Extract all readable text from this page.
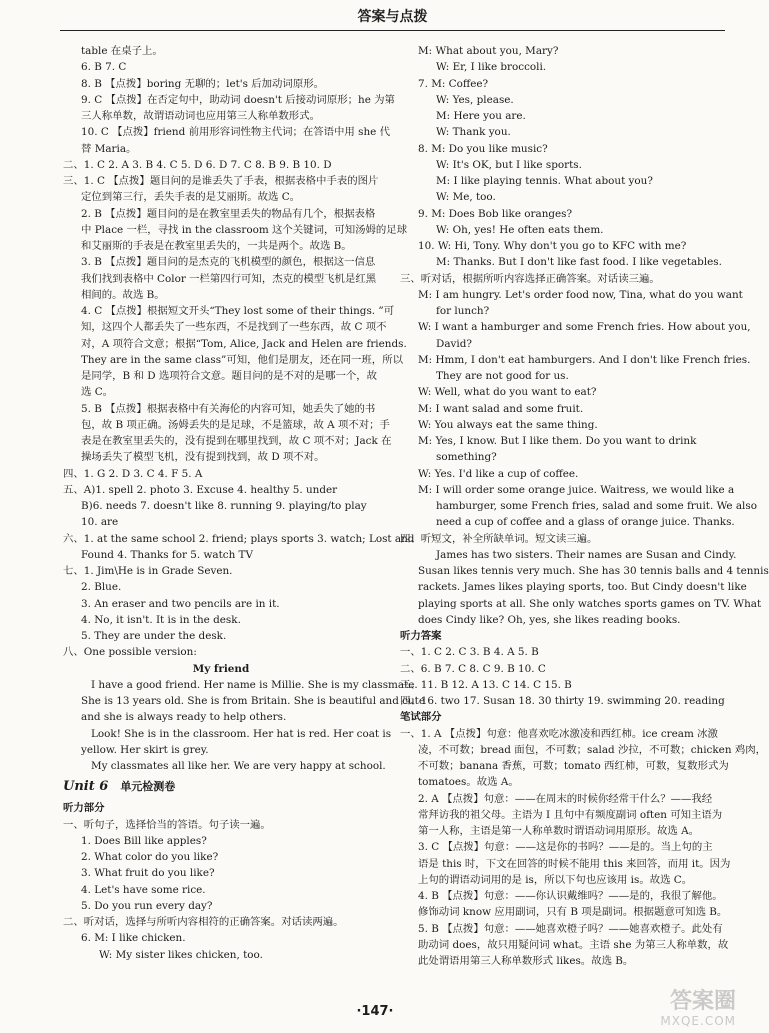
答案与点拨
table 在桌子上。
6. B 7. C
8. B 【点拨】boring 无聊的；let's 后加动词原形。
9. C 【点拨】在否定句中，助动词 doesn't 后接动词原形；he 为第
三人称单数，故谓语动词也应用第三人称单数形式。
10. C 【点拨】friend 前用形容词性物主代词；在答语中用 she 代
替 Maria。
二、1. C 2. A 3. B 4. C 5. D 6. D 7. C 8. B 9. B 10. D
三、1. C 【点拨】题目问的是谁丢失了手表，根据表格中手表的图片
定位到第三行，丢失手表的是艾丽斯。故选 C。
2. B 【点拨】题目问的是在教室里丢失的物品有几个，根据表格
中 Place 一栏，寻找 in the classroom 这个关键词，可知汤姆的足球
和艾丽斯的手表是在教室里丢失的，一共是两个。故选 B。
3. B 【点拨】题目问的是杰克的飞机模型的颜色，根据这一信息
我们找到表格中 Color 一栏第四行可知，杰克的模型飞机是红黑
相间的。故选 B。
4. C 【点拨】根据短文开头“They lost some of their things. ”可
知，这四个人都丢失了一些东西，不是找到了一些东西，故 C 项不
对，A 项符合文意；根据“Tom, Alice, Jack and Helen are friends.
They are in the same class”可知，他们是朋友，还在同一班，所以
是同学，B 和 D 选项符合文意。题目问的是不对的是哪一个，故
选 C。
5. B 【点拨】根据表格中有关海伦的内容可知，她丢失了她的书
包，故 B 项正确。汤姆丢失的是足球，不是篮球，故 A 项不对；手
表是在教室里丢失的，没有提到在哪里找到，故 C 项不对；Jack 在
操场丢失了模型飞机，没有提到找到，故 D 项不对。
四、1. G 2. D 3. C 4. F 5. A
五、A)1. spell 2. photo 3. Excuse 4. healthy 5. under
B)6. needs 7. doesn't like 8. running 9. playing/to play
10. are
六、1. at the same school 2. friend; plays sports 3. watch; Lost and
Found 4. Thanks for 5. watch TV
七、1. Jim\He is in Grade Seven.
2. Blue.
3. An eraser and two pencils are in it.
4. No, it isn't. It is in the desk.
5. They are under the desk.
八、One possible version:
My friend
I have a good friend. Her name is Millie. She is my classmate.
She is 13 years old. She is from Britain. She is beautiful and cute
and she is always ready to help others.
Look! She is in the classroom. Her hat is red. Her coat is
yellow. Her skirt is grey.
My classmates all like her. We are very happy at school.
Unit 6 单元检测卷
听力部分
一、听句子，选择恰当的答语。句子读一遍。
1. Does Bill like apples?
2. What color do you like?
3. What fruit do you like?
4. Let's have some rice.
5. Do you run every day?
二、听对话，选择与所听内容相符的正确答案。对话读两遍。
6. M: I like chicken.
W: My sister likes chicken, too.
M: What about you, Mary?
W: Er, I like broccoli.
7. M: Coffee?
W: Yes, please.
M: Here you are.
W: Thank you.
8. M: Do you like music?
W: It's OK, but I like sports.
M: I like playing tennis. What about you?
W: Me, too.
9. M: Does Bob like oranges?
W: Oh, yes! He often eats them.
10. W: Hi, Tony. Why don't you go to KFC with me?
M: Thanks. But I don't like fast food. I like vegetables.
三、听对话，根据所听内容选择正确答案。对话读三遍。
M: I am hungry. Let's order food now, Tina, what do you want
for lunch?
W: I want a hamburger and some French fries. How about you,
David?
M: Hmm, I don't eat hamburgers. And I don't like French fries.
They are not good for us.
W: Well, what do you want to eat?
M: I want salad and some fruit.
W: You always eat the same thing.
M: Yes, I know. But I like them. Do you want to drink
something?
W: Yes. I'd like a cup of coffee.
M: I will order some orange juice. Waitress, we would like a
hamburger, some French fries, salad and some fruit. We also
need a cup of coffee and a glass of orange juice. Thanks.
四、听短文，补全所缺单词。短文读三遍。
James has two sisters. Their names are Susan and Cindy.
Susan likes tennis very much. She has 30 tennis balls and 4 tennis
rackets. James likes playing sports, too. But Cindy doesn't like
playing sports at all. She only watches sports games on TV. What
does Cindy like? Oh, yes, she likes reading books.
听力答案
一、1. C 2. C 3. B 4. A 5. B
二、6. B 7. C 8. C 9. B 10. C
三、11. B 12. A 13. C 14. C 15. B
四、16. two 17. Susan 18. 30 thirty 19. swimming 20. reading
笔试部分
一、1. A 【点拨】句意：他喜欢吃冰激凌和西红柿。ice cream 冰激
凌，不可数；bread 面包，不可数；salad 沙拉，不可数；chicken 鸡肉，
不可数；banana 香蕉，可数；tomato 西红柿，可数，复数形式为
tomatoes。故选 A。
2. A 【点拨】句意：——在周末的时候你经常干什么？——我经
常拜访我的祖父母。主语为 I 且句中有频度副词 often 可知主语为
第一人称，主语是第一人称单数时谓语动词用原形。故选 A。
3. C 【点拨】句意：——这是你的书吗？——是的。当上句的主
语是 this 时，下文在回答的时候不能用 this 来回答，而用 it。因为
上句的谓语动词用的是 is，所以下句也应该用 is。故选 C。
4. B 【点拨】句意：——你认识戴维吗？——是的，我很了解他。
修饰动词 know 应用副词，只有 B 项是副词。根据题意可知选 B。
5. B 【点拨】句意：——她喜欢橙子吗？——她喜欢橙子。此处有
助动词 does，故只用疑问词 what。主语 she 为第三人称单数，故
此处谓语用第三人称单数形式 likes。故选 B。
·147·	答案圈
MXQE.COM
